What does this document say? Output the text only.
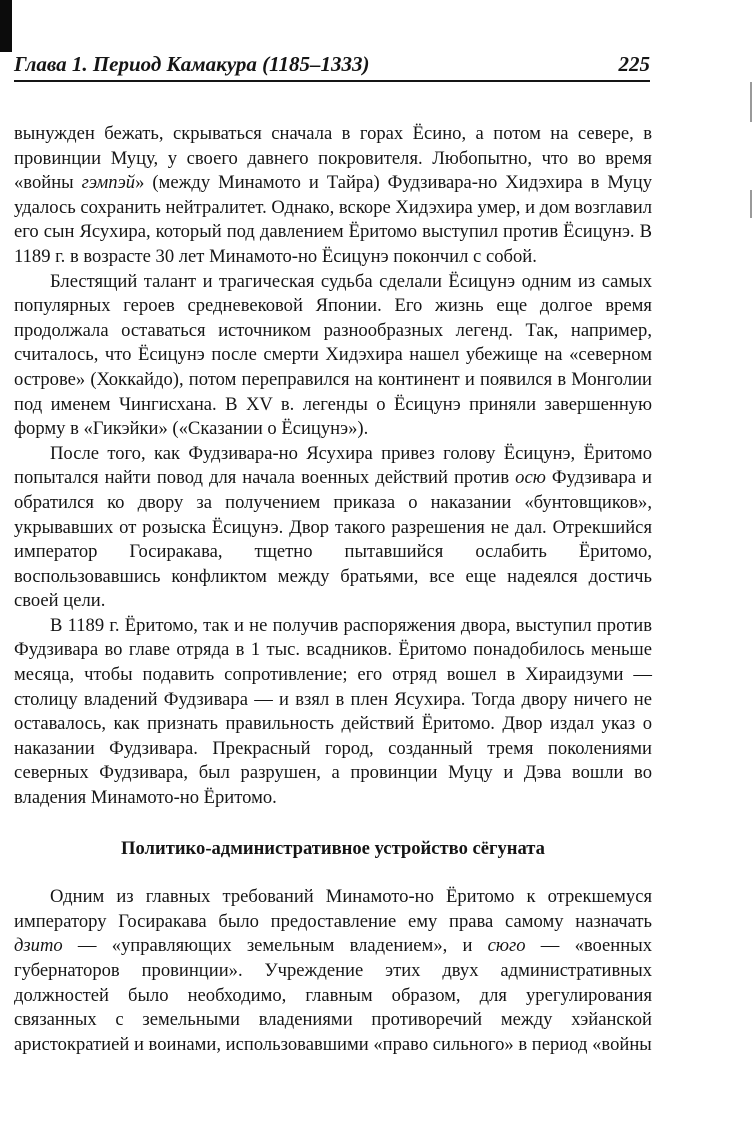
Глава 1. Период Камакура (1185–1333)	225

вынужден бежать, скрываться сначала в горах Ёсино, а потом на севере, в провинции Муцу, у своего давнего покровителя. Любопытно, что во время «войны гэмпэй» (между Минамото и Тайра) Фудзивара-но Хидэхира в Муцу удалось сохранить нейтралитет. Однако, вскоре Хидэхира умер, и дом возглавил его сын Ясухира, который под давлением Ёритомо выступил против Ёсицунэ. В 1189 г. в возрасте 30 лет Минамото-но Ёсицунэ покончил с собой.

Блестящий талант и трагическая судьба сделали Ёсицунэ одним из самых популярных героев средневековой Японии. Его жизнь еще долгое время продолжала оставаться источником разнообразных легенд. Так, например, считалось, что Ёсицунэ после смерти Хидэхира нашел убежище на «северном острове» (Хоккайдо), потом переправился на континент и появился в Монголии под именем Чингисхана. В XV в. легенды о Ёсицунэ приняли завершенную форму в «Гикэйки» («Сказании о Ёсицунэ»).

После того, как Фудзивара-но Ясухира привез голову Ёсицунэ, Ёритомо попытался найти повод для начала военных действий против осю Фудзивара и обратился ко двору за получением приказа о наказании «бунтовщиков», укрывавших от розыска Ёсицунэ. Двор такого разрешения не дал. Отрекшийся император Госиракава, тщетно пытавшийся ослабить Ёритомо, воспользовавшись конфликтом между братьями, все еще надеялся достичь своей цели.

В 1189 г. Ёритомо, так и не получив распоряжения двора, выступил против Фудзивара во главе отряда в 1 тыс. всадников. Ёритомо понадобилось меньше месяца, чтобы подавить сопротивление; его отряд вошел в Хираидзуми — столицу владений Фудзивара — и взял в плен Ясухира. Тогда двору ничего не оставалось, как признать правильность действий Ёритомо. Двор издал указ о наказании Фудзивара. Прекрасный город, созданный тремя поколениями северных Фудзивара, был разрушен, а провинции Муцу и Дэва вошли во владения Минамото-но Ёритомо.

Политико-административное устройство сёгуната

Одним из главных требований Минамото-но Ёритомо к отрекшемуся императору Госиракава было предоставление ему права самому назначать дзито — «управляющих земельным владением», и сюго — «военных губернаторов провинции». Учреждение этих двух административных должностей было необходимо, главным образом, для урегулирования связанных с земельными владениями противоречий между хэйанской аристократией и воинами, использовавшими «право сильного» в период «войны
